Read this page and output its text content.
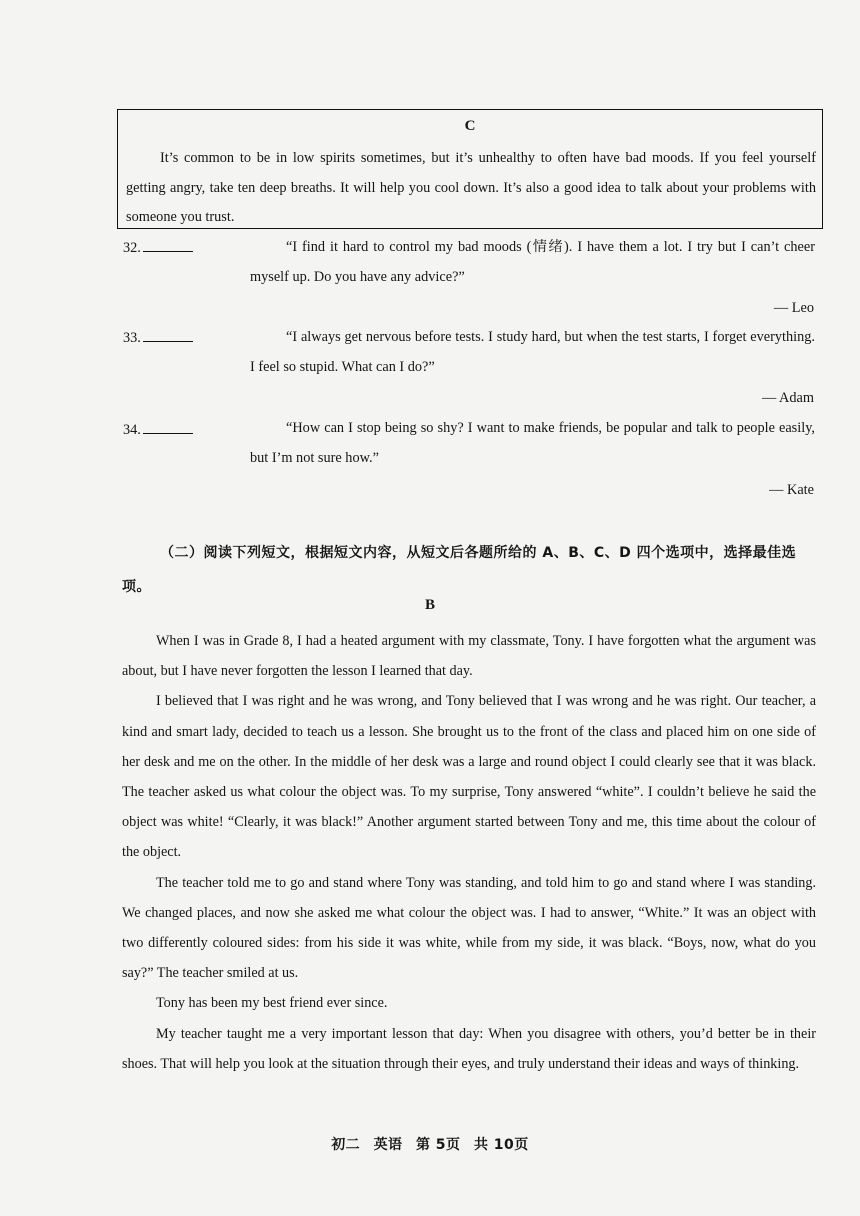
C
It’s common to be in low spirits sometimes, but it’s unhealthy to often have bad moods. If you feel yourself getting angry, take ten deep breaths. It will help you cool down. It’s also a good idea to talk about your problems with someone you trust.
32.	“I find it hard to control my bad moods (情绪). I have them a lot. I try but I can’t cheer myself up. Do you have any advice?”
— Leo
33.	“I always get nervous before tests. I study hard, but when the test starts, I forget everything. I feel so stupid. What can I do?”
— Adam
34.	“How can I stop being so shy? I want to make friends, be popular and talk to people easily, but I’m not sure how.”
— Kate
（二）阅读下列短文，根据短文内容，从短文后各题所给的 A、B、C、D 四个选项中，选择最佳选项。
B

When I was in Grade 8, I had a heated argument with my classmate, Tony. I have forgotten what the argument was about, but I have never forgotten the lesson I learned that day.

I believed that I was right and he was wrong, and Tony believed that I was wrong and he was right. Our teacher, a kind and smart lady, decided to teach us a lesson. She brought us to the front of the class and placed him on one side of her desk and me on the other. In the middle of her desk was a large and round object I could clearly see that it was black. The teacher asked us what colour the object was. To my surprise, Tony answered “white”. I couldn’t believe he said the object was white! “Clearly, it was black!” Another argument started between Tony and me, this time about the colour of the object.

The teacher told me to go and stand where Tony was standing, and told him to go and stand where I was standing. We changed places, and now she asked me what colour the object was. I had to answer, “White.” It was an object with two differently coloured sides: from his side it was white, while from my side, it was black. “Boys, now, what do you say?” The teacher smiled at us.

Tony has been my best friend ever since.

My teacher taught me a very important lesson that day: When you disagree with others, you’d better be in their shoes. That will help you look at the situation through their eyes, and truly understand their ideas and ways of thinking.

初二 英语 第 5页 共 10页
